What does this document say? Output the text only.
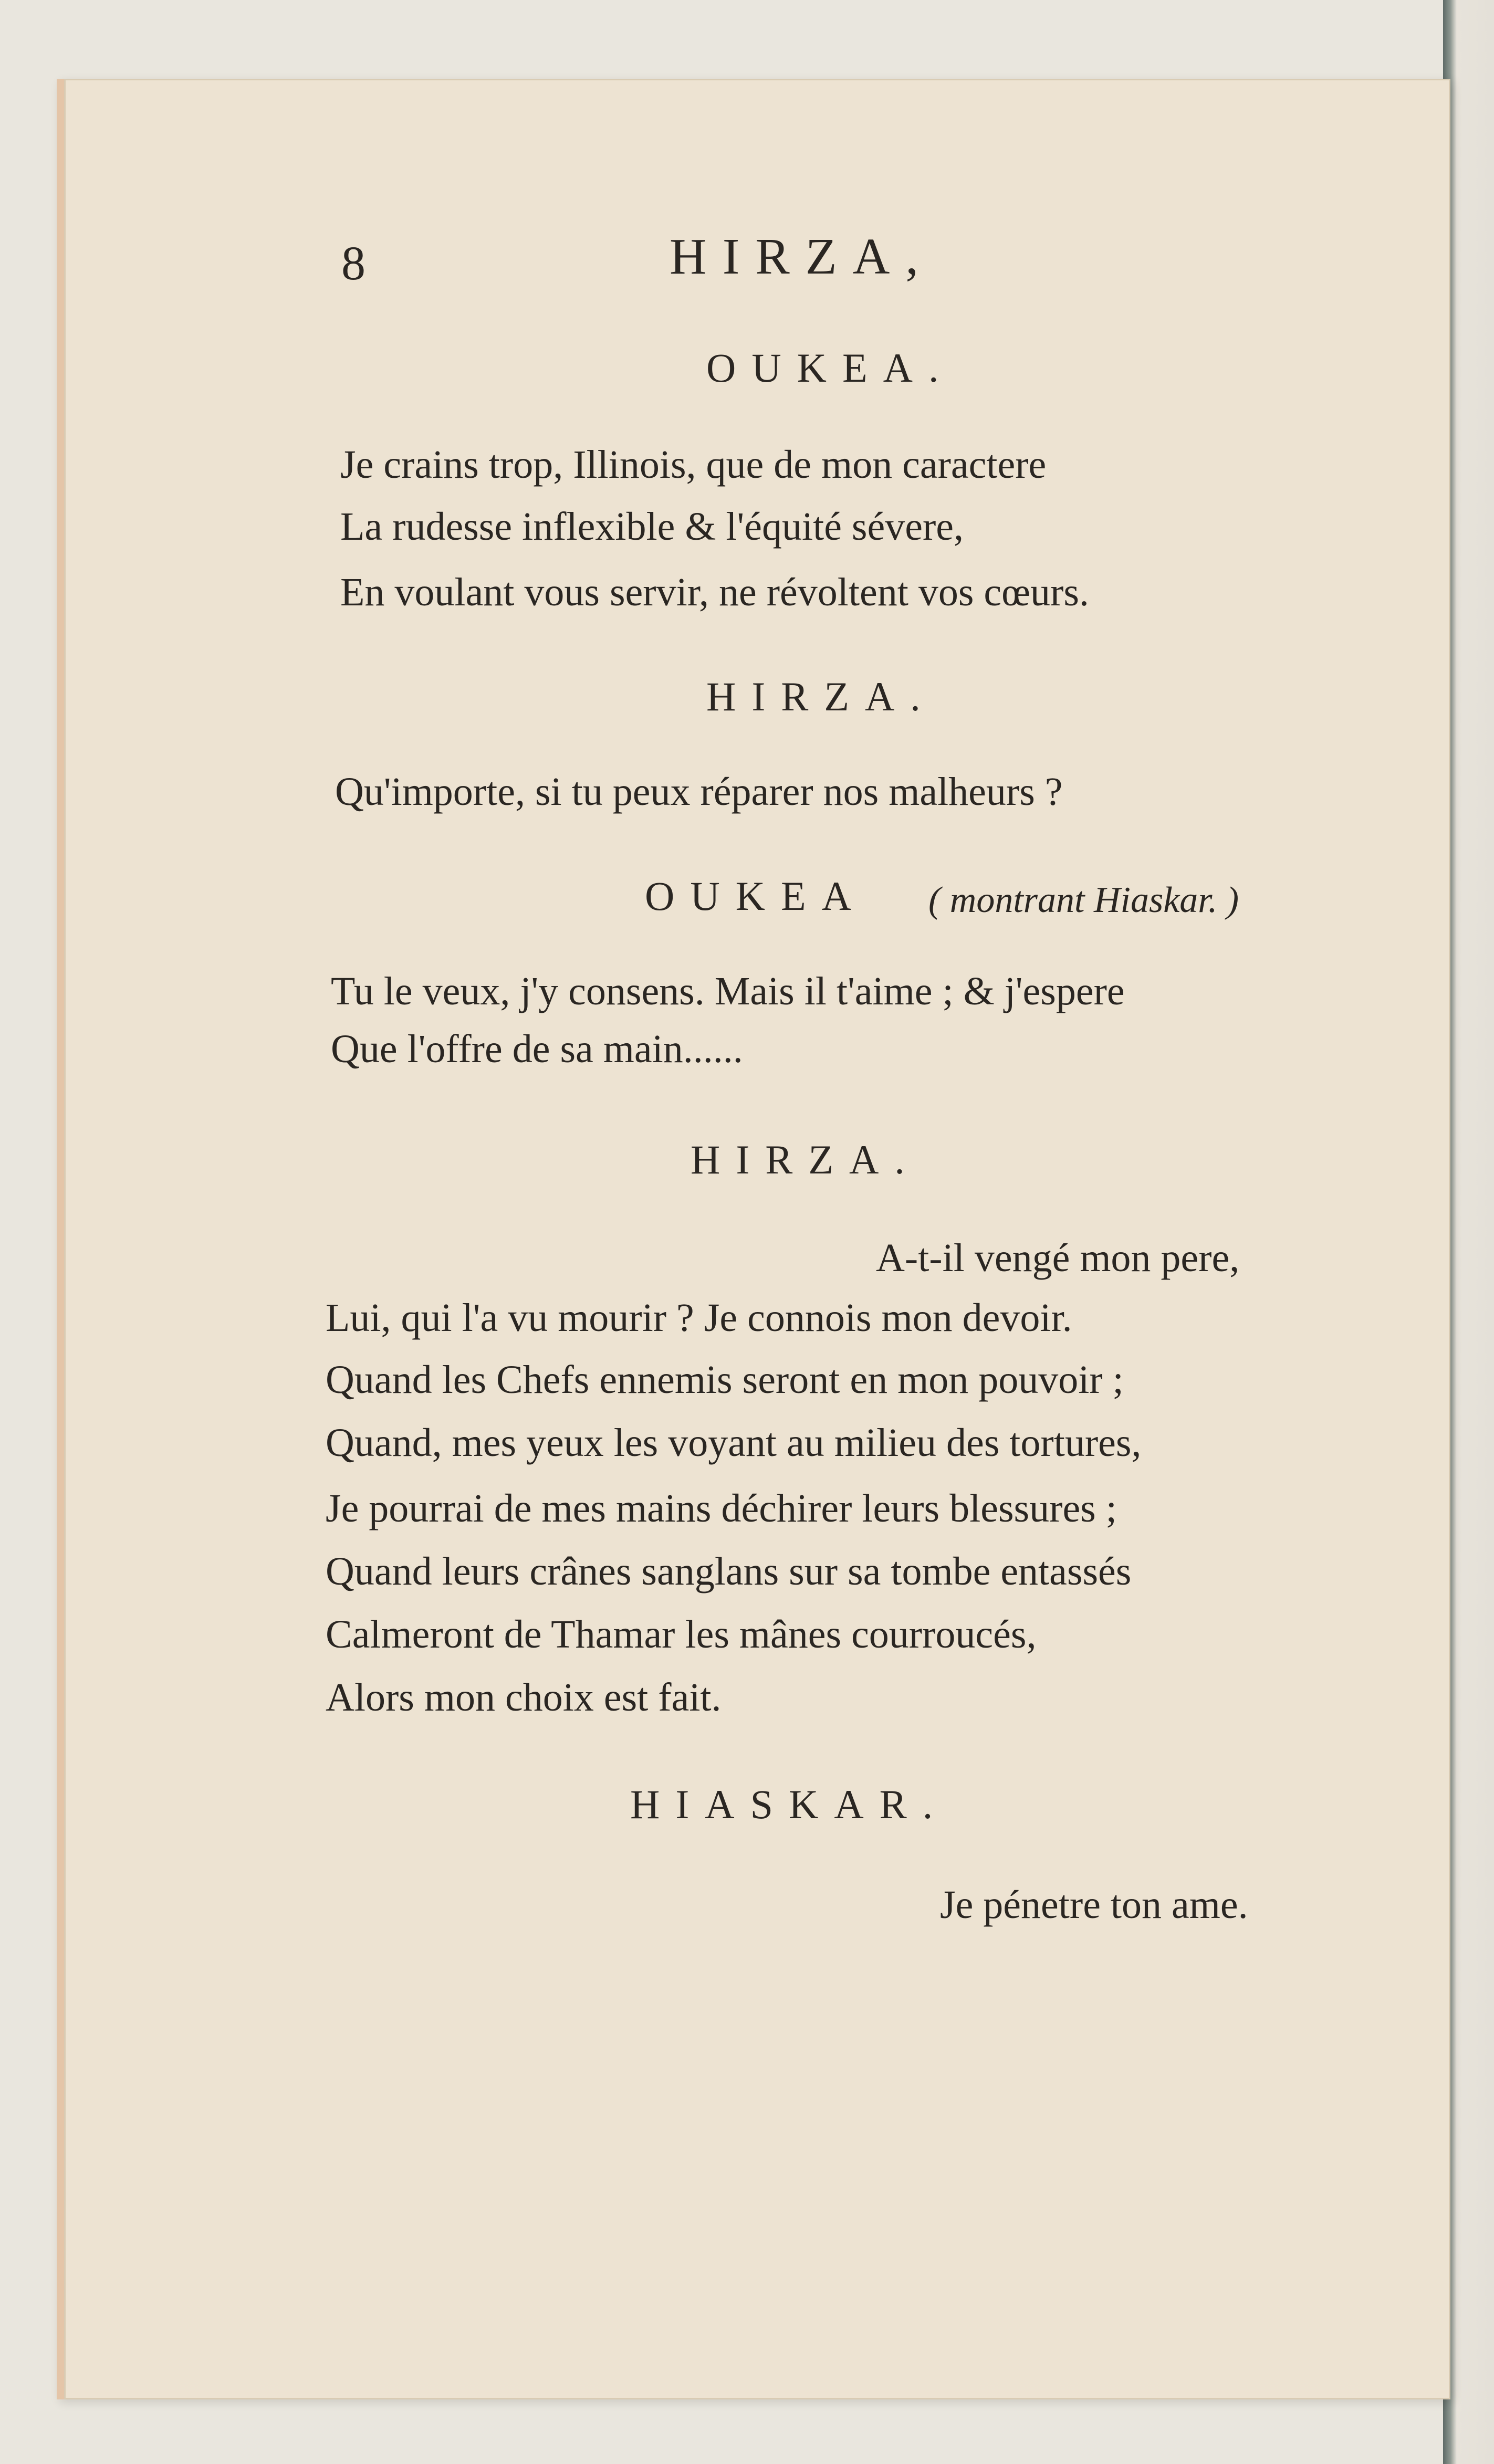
8	HIRZA,
OUKEA.
Je crains trop, Illinois, que de mon caractere
La rudesse inflexible & l'équité sévere,
En voulant vous servir, ne révoltent vos cœurs.
HIRZA.
Qu'importe, si tu peux réparer nos malheurs ?
OUKEA ( montrant Hiaskar. )
Tu le veux, j'y consens. Mais il t'aime ; & j'espere
Que l'offre de sa main......
HIRZA.
A-t-il vengé mon pere,
Lui, qui l'a vu mourir ? Je connois mon devoir.
Quand les Chefs ennemis seront en mon pouvoir ;
Quand, mes yeux les voyant au milieu des tortures,
Je pourrai de mes mains déchirer leurs blessures ;
Quand leurs crânes sanglans sur sa tombe entassés
Calmeront de Thamar les mânes courroucés,
Alors mon choix est fait.
HIASKAR.
Je pénetre ton ame.
